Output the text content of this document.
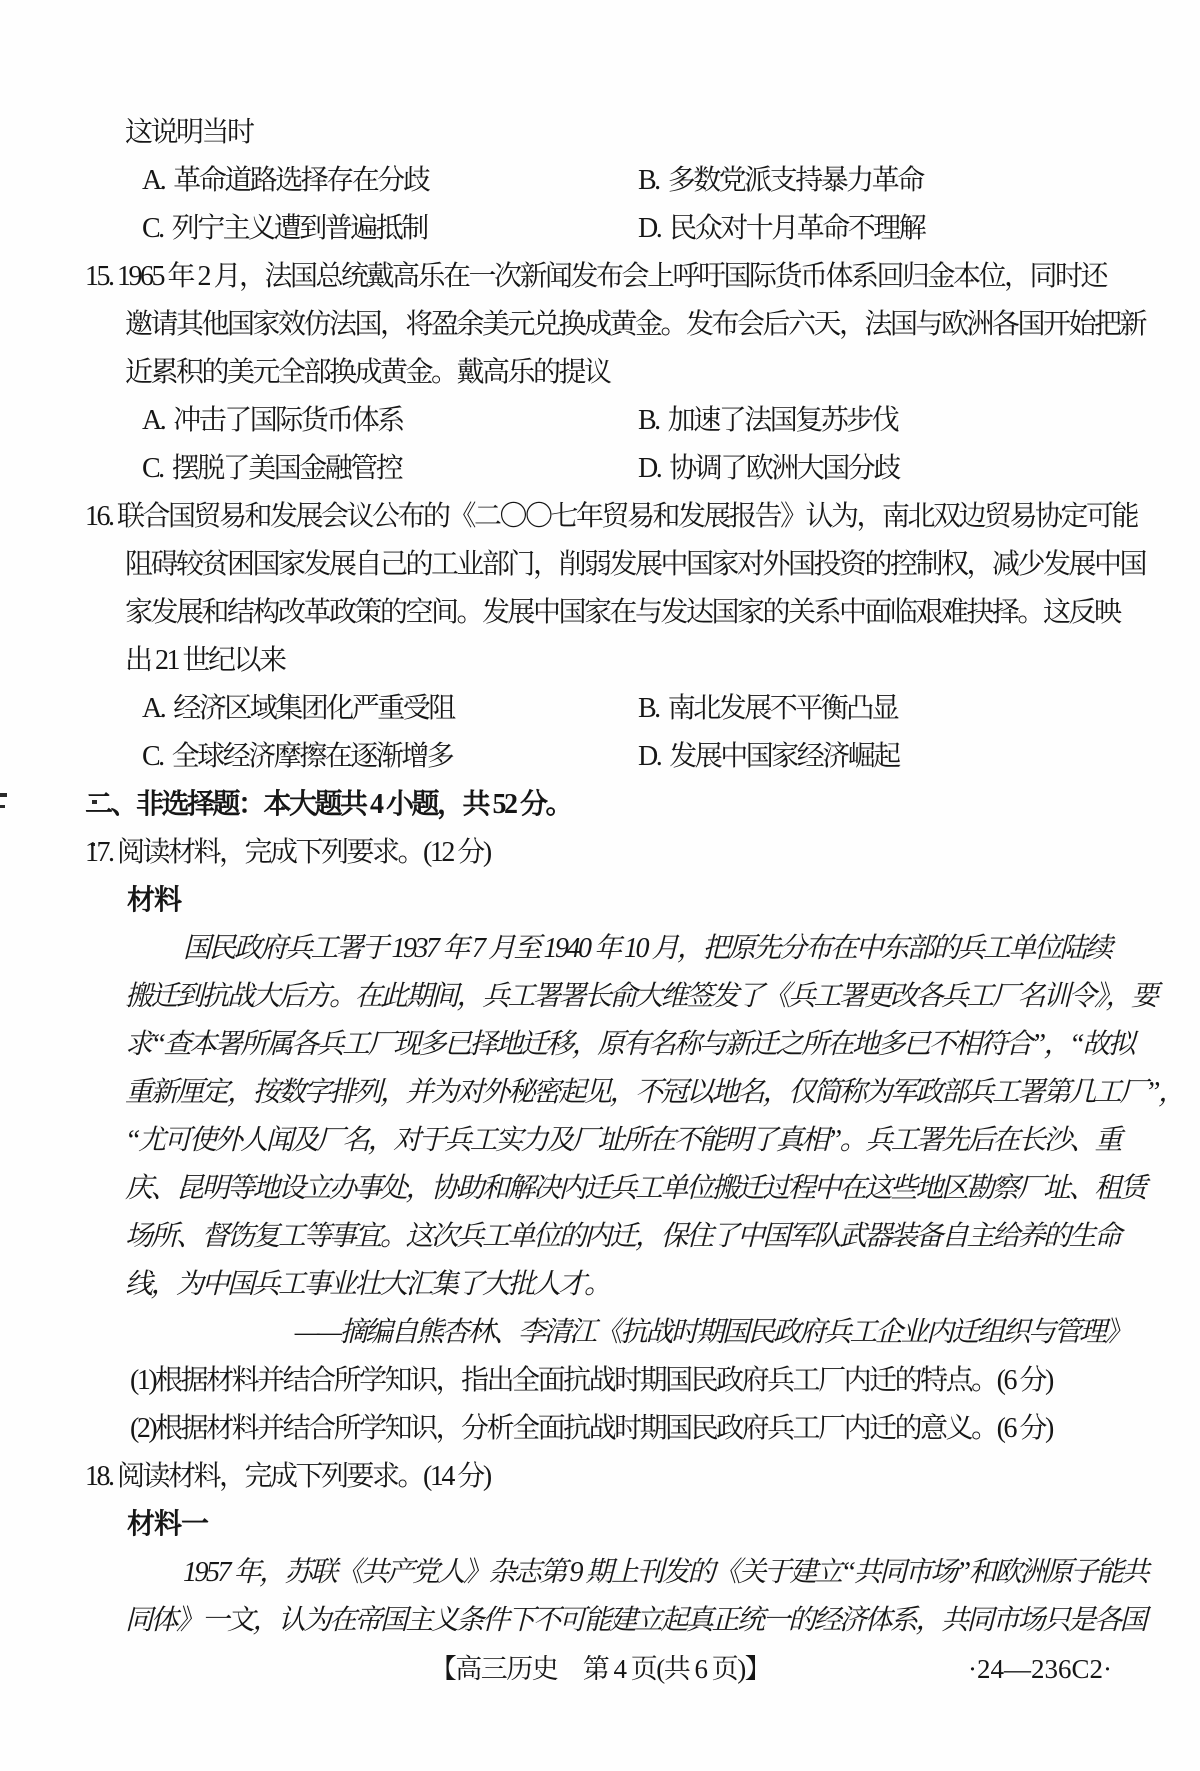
这说明当时
A. 革命道路选择存在分歧	B. 多数党派支持暴力革命
C. 列宁主义遭到普遍抵制	D. 民众对十月革命不理解
15. 1965 年 2 月，法国总统戴高乐在一次新闻发布会上呼吁国际货币体系回归金本位，同时还
邀请其他国家效仿法国，将盈余美元兑换成黄金。发布会后六天，法国与欧洲各国开始把新
近累积的美元全部换成黄金。戴高乐的提议
A. 冲击了国际货币体系	B. 加速了法国复苏步伐
C. 摆脱了美国金融管控	D. 协调了欧洲大国分歧
16. 联合国贸易和发展会议公布的《二〇〇七年贸易和发展报告》认为，南北双边贸易协定可能
阻碍较贫困国家发展自己的工业部门，削弱发展中国家对外国投资的控制权，减少发展中国
家发展和结构改革政策的空间。发展中国家在与发达国家的关系中面临艰难抉择。这反映
出 21 世纪以来
A. 经济区域集团化严重受阻	B. 南北发展不平衡凸显
C. 全球经济摩擦在逐渐增多	D. 发展中国家经济崛起
二、非选择题：本大题共 4 小题，共 52 分。
17. 阅读材料，完成下列要求。(12 分)
材料
国民政府兵工署于 1937 年 7 月至 1940 年 10 月，把原先分布在中东部的兵工单位陆续
搬迁到抗战大后方。在此期间，兵工署署长俞大维签发了《兵工署更改各兵工厂名训令》，要
求“查本署所属各兵工厂现多已择地迁移，原有名称与新迁之所在地多已不相符合”，“故拟
重新厘定，按数字排列，并为对外秘密起见，不冠以地名，仅简称为军政部兵工署第几工厂”，
“尤可使外人闻及厂名，对于兵工实力及厂址所在不能明了真相”。兵工署先后在长沙、重
庆、昆明等地设立办事处，协助和解决内迁兵工单位搬迁过程中在这些地区勘察厂址、租赁
场所、督饬复工等事宜。这次兵工单位的内迁，保住了中国军队武器装备自主给养的生命
线，为中国兵工事业壮大汇集了大批人才。
——摘编自熊杏林、李清江《抗战时期国民政府兵工企业内迁组织与管理》
(1)根据材料并结合所学知识，指出全面抗战时期国民政府兵工厂内迁的特点。(6 分)
(2)根据材料并结合所学知识，分析全面抗战时期国民政府兵工厂内迁的意义。(6 分)
18. 阅读材料，完成下列要求。(14 分)
材料一
1957 年，苏联《共产党人》杂志第 9 期上刊发的《关于建立“共同市场”和欧洲原子能共
同体》一文，认为在帝国主义条件下不可能建立起真正统一的经济体系，共同市场只是各国
【高三历史　第 4 页(共 6 页)】	·24—236C2·
